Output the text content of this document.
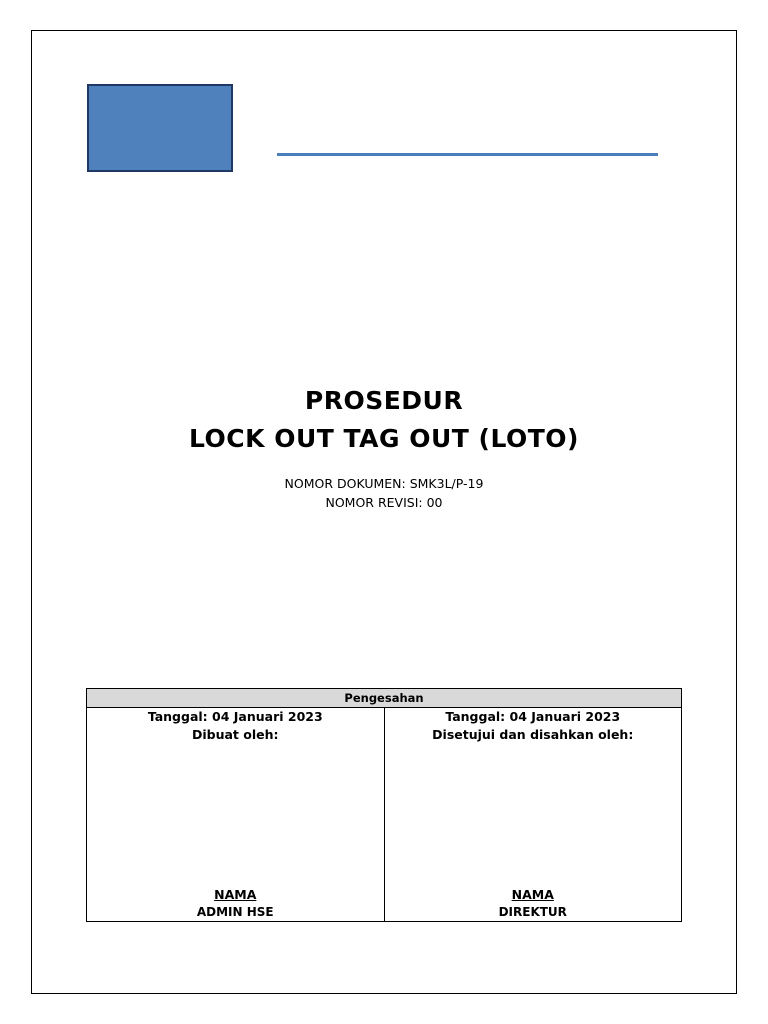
PROSEDUR
LOCK OUT TAG OUT (LOTO)
NOMOR DOKUMEN: SMK3L/P-19
NOMOR REVISI: 00
Pengesahan
Tanggal: 04 Januari 2023
Dibuat oleh:
NAMA
ADMIN HSE
Tanggal: 04 Januari 2023
Disetujui dan disahkan oleh:
NAMA
DIREKTUR
